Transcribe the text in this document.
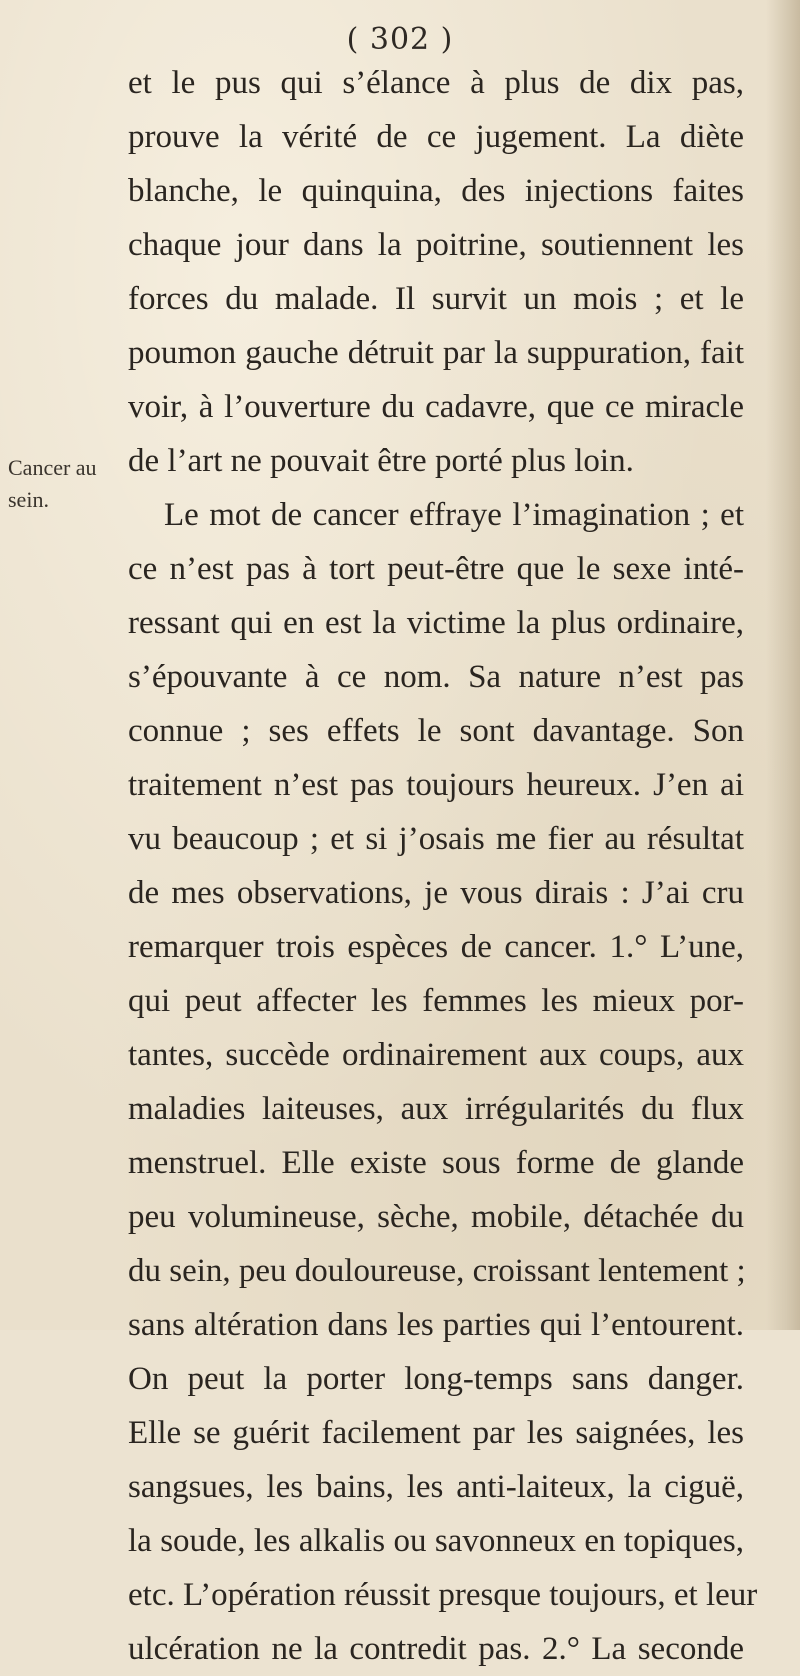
( 302 )
Cancer au
sein.
et le pus qui s’élance à plus de dix pas,
prouve la vérité de ce jugement. La diète
blanche, le quinquina, des injections faites
chaque jour dans la poitrine, soutiennent les
forces du malade. Il survit un mois ; et le
poumon gauche détruit par la suppuration, fait
voir, à l’ouverture du cadavre, que ce miracle
de l’art ne pouvait être porté plus loin.
Le mot de cancer effraye l’imagination ; et
ce n’est pas à tort peut-être que le sexe inté-
ressant qui en est la victime la plus ordinaire,
s’épouvante à ce nom. Sa nature n’est pas
connue ; ses effets le sont davantage. Son
traitement n’est pas toujours heureux. J’en ai
vu beaucoup ; et si j’osais me fier au résultat
de mes observations, je vous dirais : J’ai cru
remarquer trois espèces de cancer. 1.° L’une,
qui peut affecter les femmes les mieux por-
tantes, succède ordinairement aux coups, aux
maladies laiteuses, aux irrégularités du flux
menstruel. Elle existe sous forme de glande
peu volumineuse, sèche, mobile, détachée du
du sein, peu douloureuse, croissant lentement ;
sans altération dans les parties qui l’entourent.
On peut la porter long-temps sans danger.
Elle se guérit facilement par les saignées, les
sangsues, les bains, les anti-laiteux, la ciguë,
la soude, les alkalis ou savonneux en topiques,
etc. L’opération réussit presque toujours, et leur
ulcération ne la contredit pas. 2.° La seconde
